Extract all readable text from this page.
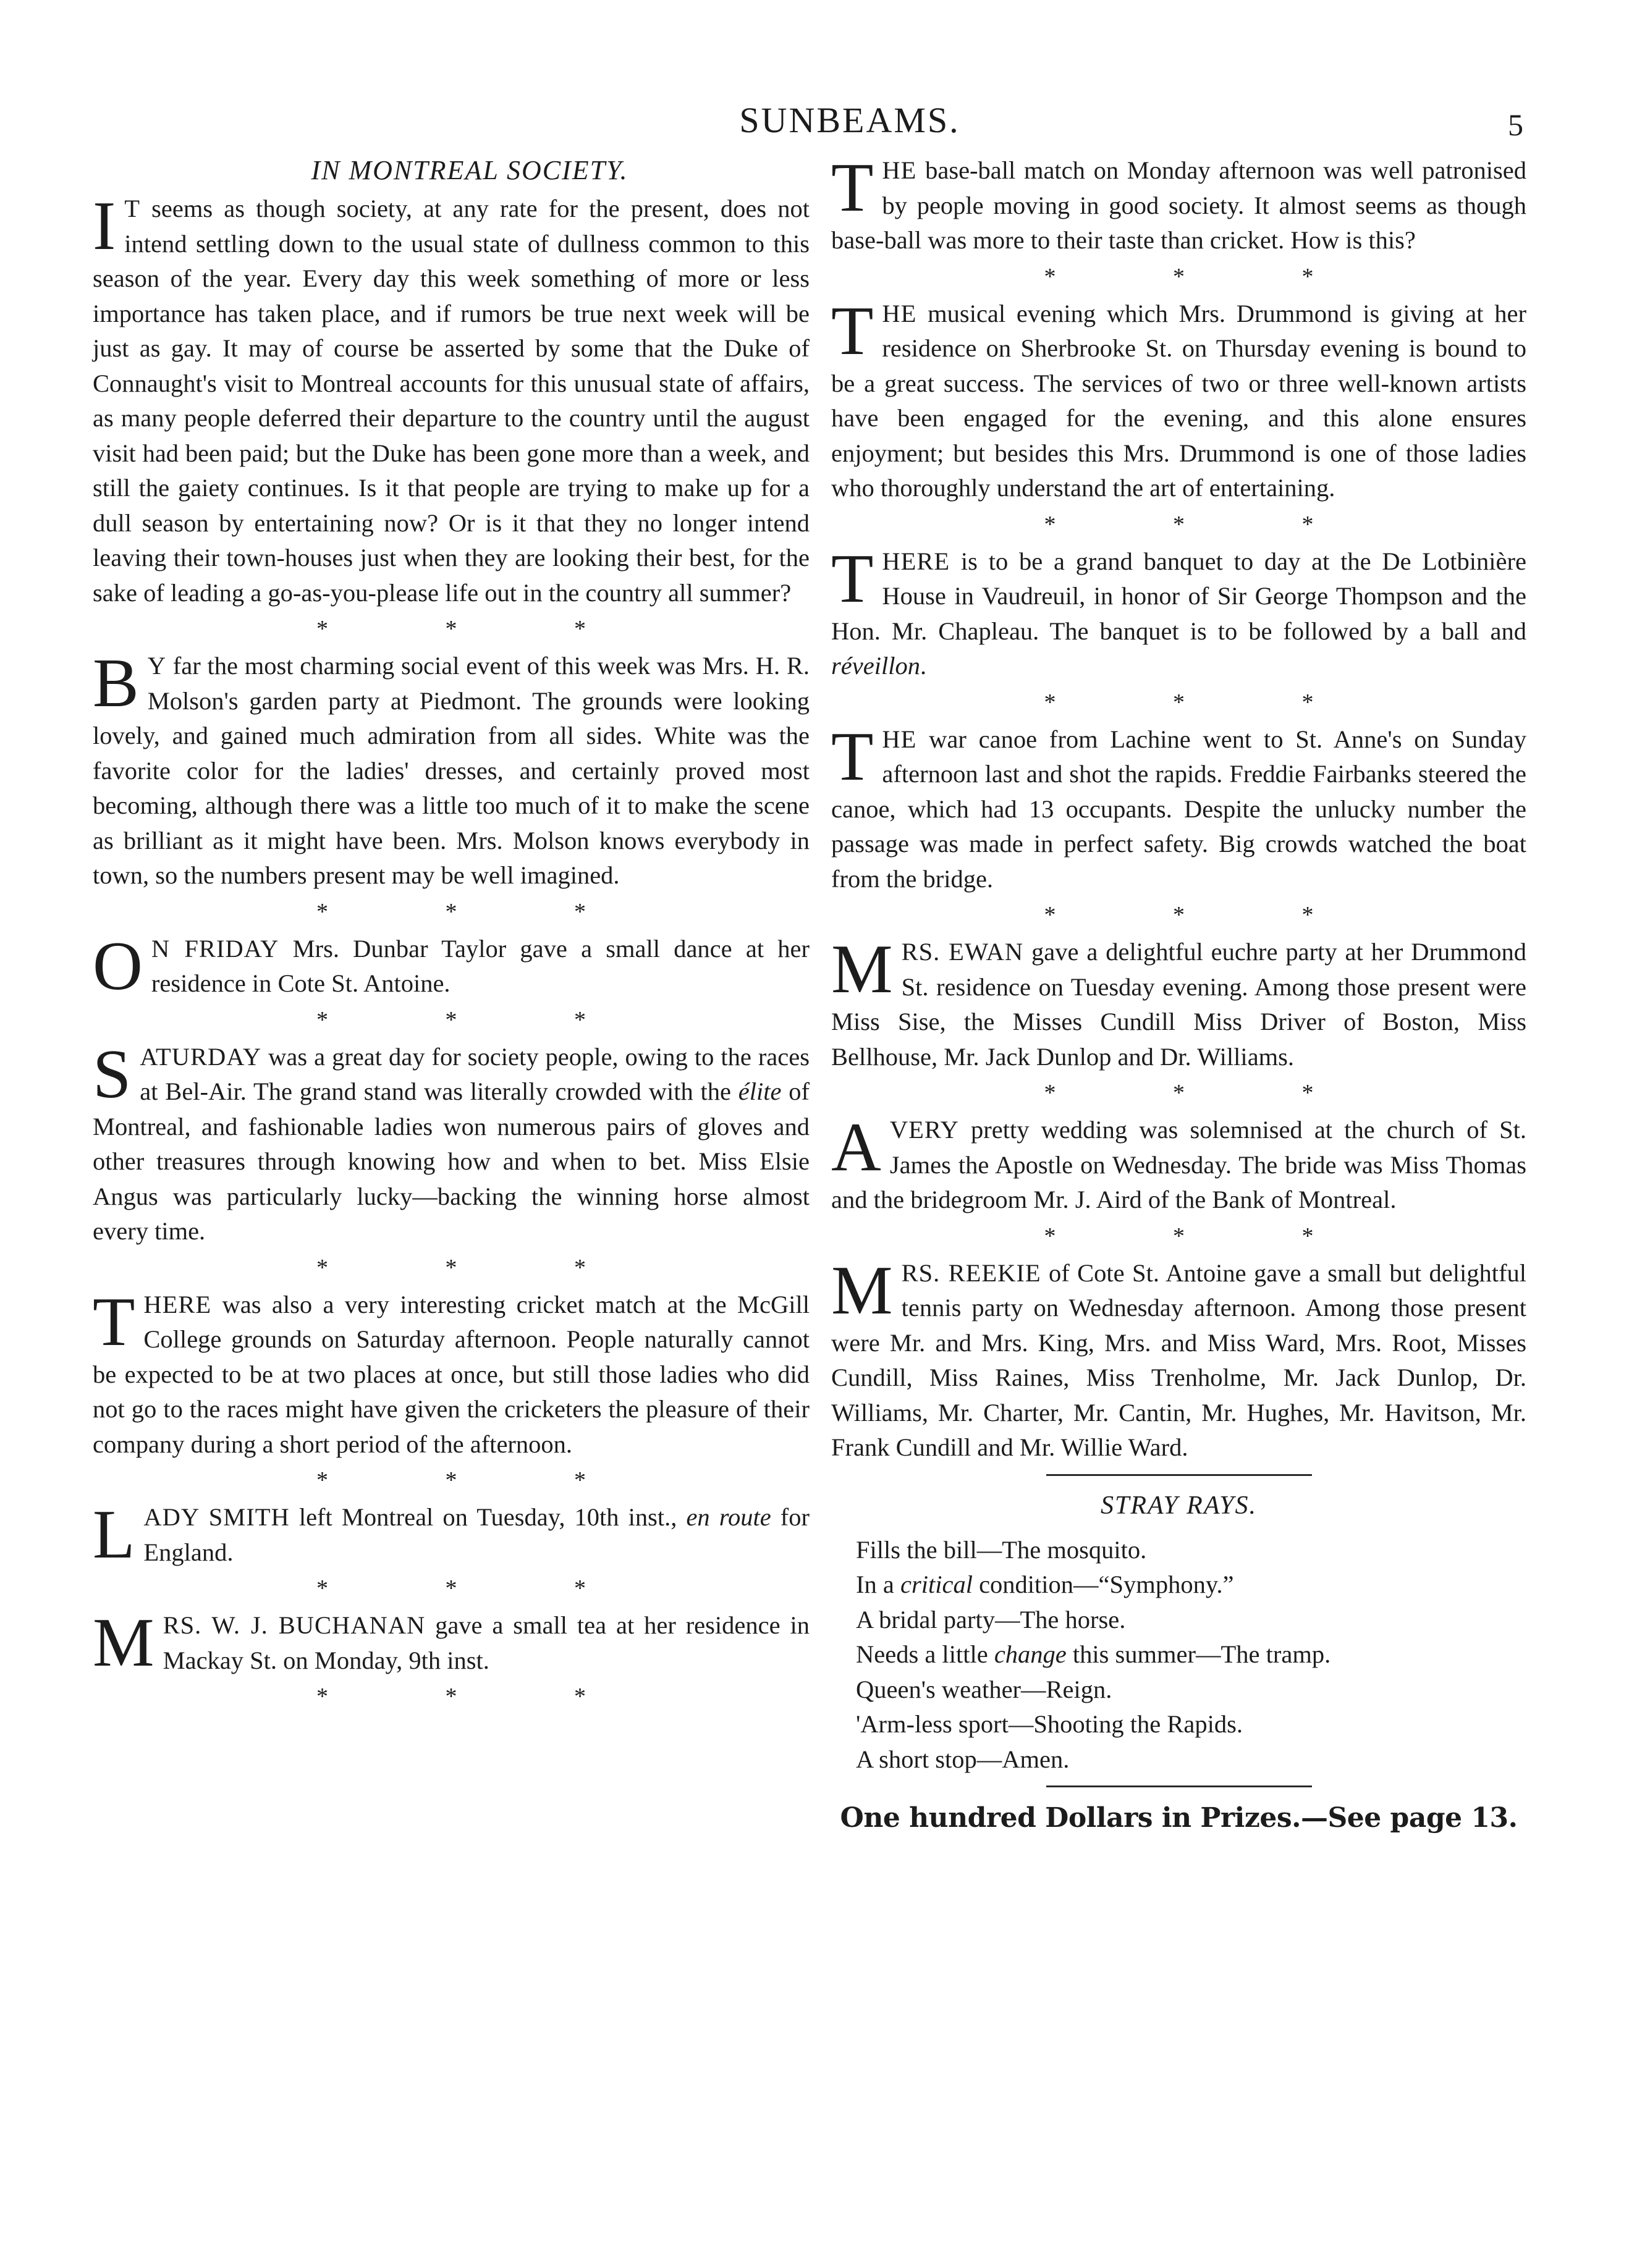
SUNBEAMS.	5
IN MONTREAL SOCIETY.

I T seems as though society, at any rate for the present, does not intend settling down to the usual state of dullness common to this season of the year. Every day this week something of more or less importance has taken place, and if rumors be true next week will be just as gay. It may of course be asserted by some that the Duke of Connaught's visit to Montreal accounts for this unusual state of affairs, as many people deferred their departure to the country until the august visit had been paid; but the Duke has been gone more than a week, and still the gaiety continues. Is it that people are trying to make up for a dull season by entertaining now? Or is it that they no longer intend leaving their town-houses just when they are looking their best, for the sake of leading a go-as-you-please life out in the country all summer?

* * *

B Y far the most charming social event of this week was Mrs. H. R. Molson's garden party at Piedmont. The grounds were looking lovely, and gained much admiration from all sides. White was the favorite color for the ladies' dresses, and certainly proved most becoming, although there was a little too much of it to make the scene as brilliant as it might have been. Mrs. Molson knows everybody in town, so the numbers present may be well imagined.

* * *

O N FRIDAY Mrs. Dunbar Taylor gave a small dance at her residence in Cote St. Antoine.

* * *

SATURDAY was a great day for society people, owing to the races at Bel-Air. The grand stand was literally crowded with the élite of Montreal, and fashionable ladies won numerous pairs of gloves and other treasures through knowing how and when to bet. Miss Elsie Angus was particularly lucky—backing the winning horse almost every time.

* * *

THERE was also a very interesting cricket match at the McGill College grounds on Saturday afternoon. People naturally cannot be expected to be at two places at once, but still those ladies who did not go to the races might have given the cricketers the pleasure of their company during a short period of the afternoon.

* * *

LADY SMITH left Montreal on Tuesday, 10th inst., en route for England.

* * *

MRS. W. J. BUCHANAN gave a small tea at her residence in Mackay St. on Monday, 9th inst.

* * *

THE base-ball match on Monday afternoon was well patronised by people moving in good society. It almost seems as though base-ball was more to their taste than cricket. How is this?

* * *

THE musical evening which Mrs. Drummond is giving at her residence on Sherbrooke St. on Thursday evening is bound to be a great success. The services of two or three well-known artists have been engaged for the evening, and this alone ensures enjoyment; but besides this Mrs. Drummond is one of those ladies who thoroughly understand the art of entertaining.

* * *

THERE is to be a grand banquet to day at the De Lotbinière House in Vaudreuil, in honor of Sir George Thompson and the Hon. Mr. Chapleau. The banquet is to be followed by a ball and réveillon.

* * *

THE war canoe from Lachine went to St. Anne's on Sunday afternoon last and shot the rapids. Freddie Fairbanks steered the canoe, which had 13 occupants. Despite the unlucky number the passage was made in perfect safety. Big crowds watched the boat from the bridge.

* * *

MRS. EWAN gave a delightful euchre party at her Drummond St. residence on Tuesday evening. Among those present were Miss Sise, the Misses Cundill Miss Driver of Boston, Miss Bellhouse, Mr. Jack Dunlop and Dr. Williams.

* * *

AVERY pretty wedding was solemnised at the church of St. James the Apostle on Wednesday. The bride was Miss Thomas and the bridegroom Mr. J. Aird of the Bank of Montreal.

* * *

MRS. REEKIE of Cote St. Antoine gave a small but delightful tennis party on Wednesday afternoon. Among those present were Mr. and Mrs. King, Mrs. and Miss Ward, Mrs. Root, Misses Cundill, Miss Raines, Miss Trenholme, Mr. Jack Dunlop, Dr. Williams, Mr. Charter, Mr. Cantin, Mr. Hughes, Mr. Havitson, Mr. Frank Cundill and Mr. Willie Ward.

STRAY RAYS.
Fills the bill—The mosquito.
In a critical condition—“Symphony.”
A bridal party—The horse.
Needs a little change this summer—The tramp.
Queen's weather—Reign.
'Arm-less sport—Shooting the Rapids.
A short stop—Amen.
One hundred Dollars in Prizes.—See page 13.
